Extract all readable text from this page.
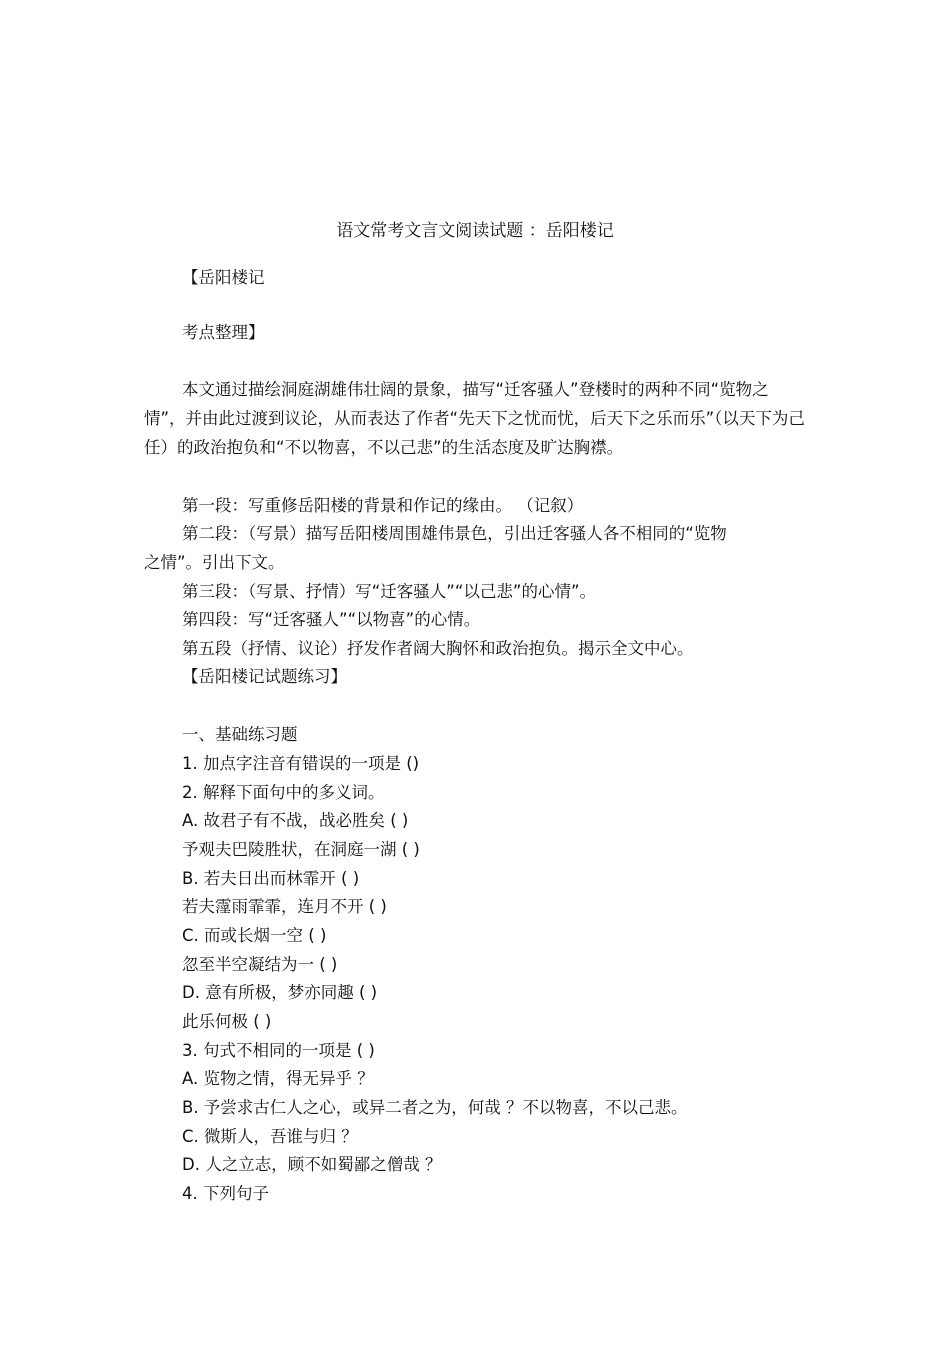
语文常考文言文阅读试题 ：岳阳楼记
【岳阳楼记
考点整理】

本文通过描绘洞庭湖雄伟壮阔的景象，描写“迁客骚人”登楼时的两种不同“览物之情”，并由此过渡到议论，从而表达了作者“先天下之忧而忧，后天下之乐而乐”（以天下为己任）的政治抱负和“不以物喜，不以己悲”的生活态度及旷达胸襟。

第一段：写重修岳阳楼的背景和作记的缘由。 （记叙）
第二段：（写景）描写岳阳楼周围雄伟景色，引出迁客骚人各不相同的“览物
之情”。引出下文。
第三段：（写景、抒情）写“迁客骚人”“以己悲”的心情”。
第四段：写“迁客骚人”“以物喜”的心情。
第五段（抒情、议论）抒发作者阔大胸怀和政治抱负。揭示全文中心。
【岳阳楼记试题练习】
一、基础练习题
1. 加点字注音有错误的一项是 ()
2. 解释下面句中的多义词。
A. 故君子有不战，战必胜矣 ( )
予观夫巴陵胜状，在洞庭一湖 ( )
B. 若夫日出而林霏开 ( )
若夫霪雨霏霏，连月不开 ( )
C. 而或长烟一空 ( )
忽至半空凝结为一 ( )
D. 意有所极，梦亦同趣 ( )
此乐何极 ( )
3. 句式不相同的一项是 ( )
A. 览物之情，得无异乎 ？
B. 予尝求古仁人之心，或异二者之为，何哉 ？不以物喜，不以己悲。
C. 微斯人，吾谁与归 ？
D. 人之立志，顾不如蜀鄙之僧哉 ？
4. 下列句子
